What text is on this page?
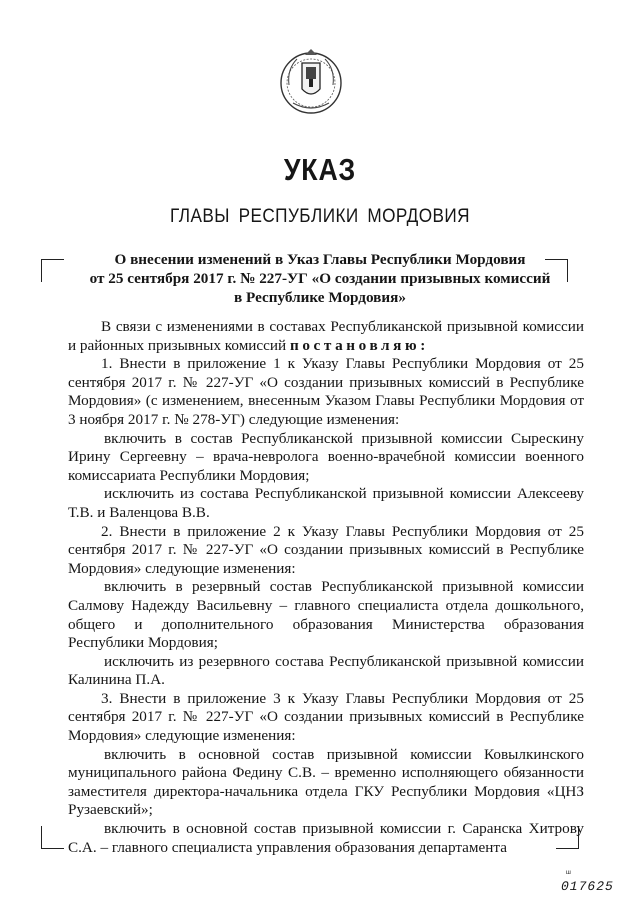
УКАЗ
ГЛАВЫ РЕСПУБЛИКИ МОРДОВИЯ
О внесении изменений в Указ Главы Республики Мордовия
от 25 сентября 2017 г. № 227-УГ «О создании призывных комиссий
в Республике Мордовия»

В связи с изменениями в составах Республиканской призывной комиссии и районных призывных комиссий постановляю:

1. Внести в приложение 1 к Указу Главы Республики Мордовия от 25 сентября 2017 г. № 227-УГ «О создании призывных комиссий в Республике Мордовия» (с изменением, внесенным Указом Главы Республики Мордовия от 3 ноября 2017 г. № 278-УГ) следующие изменения:

включить в состав Республиканской призывной комиссии Сырескину Ирину Сергеевну – врача-невролога военно-врачебной комиссии военного комиссариата Республики Мордовия;

исключить из состава Республиканской призывной комиссии Алексееву Т.В. и Валенцова В.В.

2. Внести в приложение 2 к Указу Главы Республики Мордовия от 25 сентября 2017 г. № 227-УГ «О создании призывных комиссий в Республике Мордовия» следующие изменения:

включить в резервный состав Республиканской призывной комиссии Салмову Надежду Васильевну – главного специалиста отдела дошкольного, общего и дополнительного образования Министерства образования Республики Мордовия;

исключить из резервного состава Республиканской призывной комиссии Калинина П.А.

3. Внести в приложение 3 к Указу Главы Республики Мордовия от 25 сентября 2017 г. № 227-УГ «О создании призывных комиссий в Республике Мордовия» следующие изменения:

включить в основной состав призывной комиссии Ковылкинского муниципального района Федину С.В. – временно исполняющего обязанности заместителя директора-начальника отдела ГКУ Республики Мордовия «ЦНЗ Рузаевский»;

включить в основной состав призывной комиссии г. Саранска Хитрову С.А. – главного специалиста управления образования департамента

ш
017625
